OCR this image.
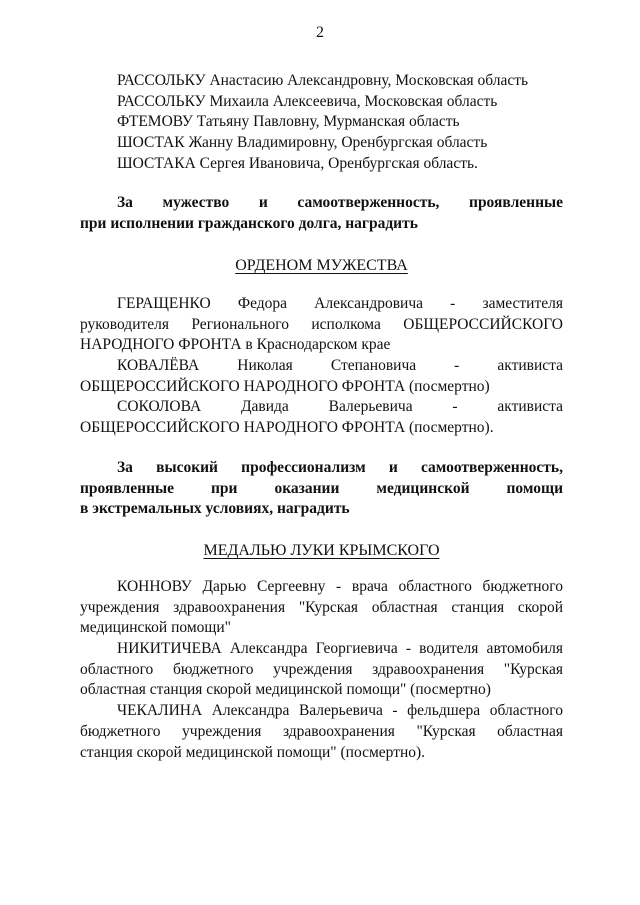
2
РАССОЛЬКУ Анастасию Александровну, Московская область
РАССОЛЬКУ Михаила Алексеевича, Московская область
ФТЕМОВУ Татьяну Павловну, Мурманская область
ШОСТАК Жанну Владимировну, Оренбургская область
ШОСТАКА Сергея Ивановича, Оренбургская область.
За мужество и самоотверженность, проявленные
при исполнении гражданского долга, наградить
ОРДЕНОМ МУЖЕСТВА
ГЕРАЩЕНКО Федора Александровича - заместителя
руководителя Регионального исполкома ОБЩЕРОССИЙСКОГО
НАРОДНОГО ФРОНТА в Краснодарском крае
КОВАЛЁВА Николая Степановича - активиста
ОБЩЕРОССИЙСКОГО НАРОДНОГО ФРОНТА (посмертно)
СОКОЛОВА Давида Валерьевича - активиста
ОБЩЕРОССИЙСКОГО НАРОДНОГО ФРОНТА (посмертно).
За высокий профессионализм и самоотверженность,
проявленные при оказании медицинской помощи
в экстремальных условиях, наградить
МЕДАЛЬЮ ЛУКИ КРЫМСКОГО
КОННОВУ Дарью Сергеевну - врача областного бюджетного
учреждения здравоохранения "Курская областная станция скорой
медицинской помощи"
НИКИТИЧЕВА Александра Георгиевича - водителя автомобиля
областного бюджетного учреждения здравоохранения "Курская
областная станция скорой медицинской помощи" (посмертно)
ЧЕКАЛИНА Александра Валерьевича - фельдшера областного
бюджетного учреждения здравоохранения "Курская областная
станция скорой медицинской помощи" (посмертно).
